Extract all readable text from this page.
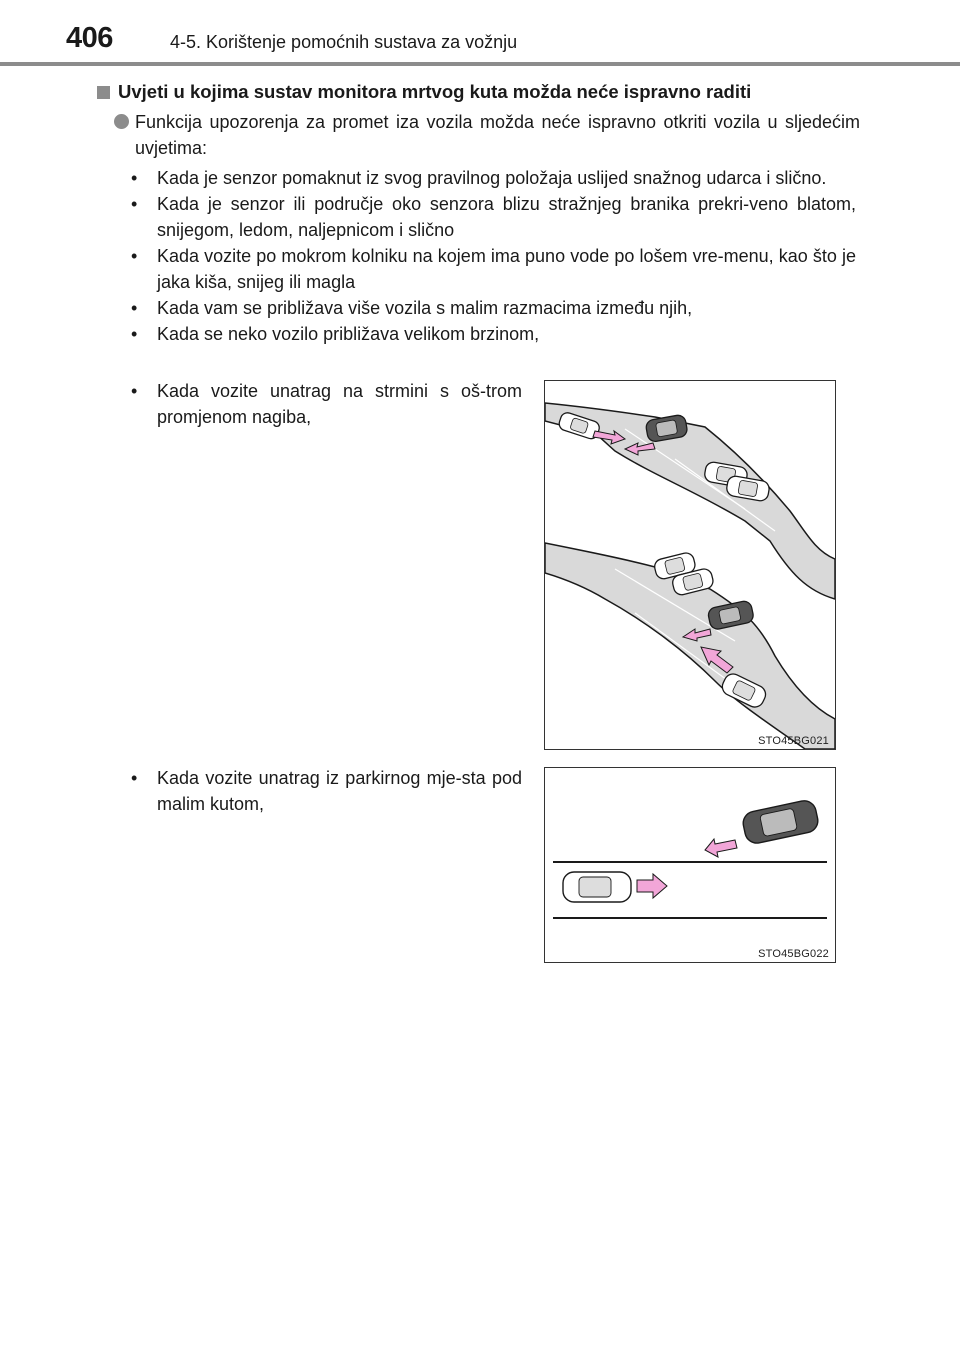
406	4-5. Korištenje pomoćnih sustava za vožnju
Uvjeti u kojima sustav monitora mrtvog kuta možda neće ispravno raditi
Funkcija upozorenja za promet iza vozila možda neće ispravno otkriti vozila u sljedećim uvjetima:
• Kada je senzor pomaknut iz svog pravilnog položaja uslijed snažnog udarca i slično.
• Kada je senzor ili područje oko senzora blizu stražnjeg branika prekri-veno blatom, snijegom, ledom, naljepnicom i slično
• Kada vozite po mokrom kolniku na kojem ima puno vode po lošem vre-menu, kao što je jaka kiša, snijeg ili magla
• Kada vam se približava više vozila s malim razmacima između njih,
• Kada se neko vozilo približava velikom brzinom,
• Kada vozite unatrag na strmini s oš-trom promjenom nagiba,
STO45BG021
• Kada vozite unatrag iz parkirnog mje-sta pod malim kutom,
STO45BG022
